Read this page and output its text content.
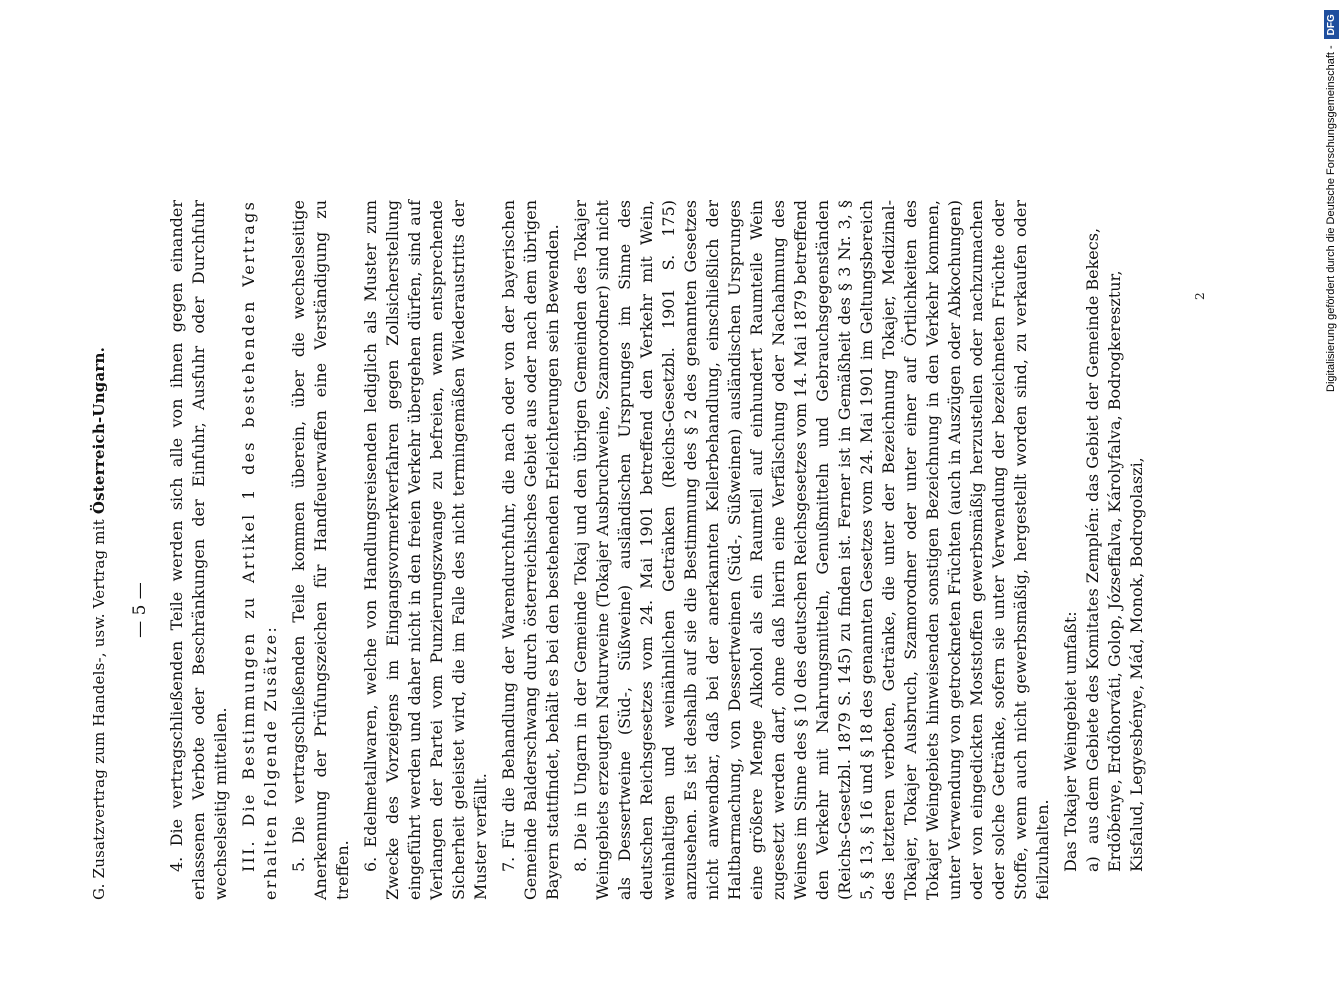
G. Zusatzvertrag zum Handels-, usw. Vertrag mit Österreich-Ungarn.
— 5 — 4. Die vertragschließenden Teile werden sich alle von ihnen gegen einander erlassenen Verbote oder Beschränkungen der Einfuhr, Ausfuhr oder Durchfuhr wechselseitig mitteilen. III. Die Bestimmungen zu Artikel 1 des bestehenden Vertrags erhalten folgende Zusätze: 5. Die vertragschließenden Teile kommen überein, über die wechselseitige Anerkennung der Prüfungszeichen für Handfeuerwaffen eine Verständigung zu treffen. 6. Edelmetallwaren, welche von Handlungsreisenden lediglich als Muster zum Zwecke des Vorzeigens im Eingangsvormerkverfahren gegen Zollsicherstellung eingeführt werden und daher nicht in den freien Verkehr übergehen dürfen, sind auf Verlangen der Partei vom Punzierungszwange zu befreien, wenn entsprechende Sicherheit geleistet wird, die im Falle des nicht termingemäßen Wiederaustritts der Muster verfällt. 7. Für die Behandlung der Warendurchfuhr, die nach oder von der bayerischen Gemeinde Balderschwang durch österreichisches Gebiet aus oder nach dem übrigen Bayern stattfindet, behält es bei den bestehenden Erleichterungen sein Bewenden. 8. Die in Ungarn in der Gemeinde Tokaj und den übrigen Gemeinden des Tokajer Weingebiets erzeugten Naturweine (Tokajer Ausbruchweine, Szamorodner) sind nicht als Dessertweine (Süd-, Süßweine) ausländischen Ursprunges im Sinne des deutschen Reichsgesetzes vom 24. Mai 1901 betreffend den Verkehr mit Wein, weinhaltigen und weinähnlichen Getränken (Reichs-Gesetzbl. 1901 S. 175) anzusehen. Es ist deshalb auf sie die Bestimmung des § 2 des genannten Gesetzes nicht anwendbar, daß bei der anerkannten Kellerbehandlung, einschließlich der Haltbarmachung, von Dessertweinen (Süd-, Süßweinen) ausländischen Ursprunges eine größere Menge Alkohol als ein Raumteil auf einhundert Raumteile Wein zugesetzt werden darf, ohne daß hierin eine Verfälschung oder Nachahmung des Weines im Sinne des § 10 des deutschen Reichsgesetzes vom 14. Mai 1879 betreffend den Verkehr mit Nahrungsmitteln, Genußmitteln und Gebrauchsgegenständen (Reichs-Gesetzbl. 1879 S. 145) zu finden ist. Ferner ist in Gemäßheit des § 3 Nr. 3, § 5, § 13, § 16 und § 18 des genannten Gesetzes vom 24. Mai 1901 im Geltungsbereich des letzteren verboten, Getränke, die unter der Bezeichnung Tokajer, Medizinal-Tokajer, Tokajer Ausbruch, Szamorodner oder unter einer auf Örtlichkeiten des Tokajer Weingebiets hinweisenden sonstigen Bezeichnung in den Verkehr kommen, unter Verwendung von getrockneten Früchten (auch in Auszügen oder Abkochungen) oder von eingedickten Moststoffen gewerbsmäßig herzustellen oder nachzumachen oder solche Getränke, sofern sie unter Verwendung der bezeichneten Früchte oder Stoffe, wenn auch nicht gewerbsmäßig, hergestellt worden sind, zu verkaufen oder feilzuhalten. Das Tokajer Weingebiet umfaßt: a)aus dem Gebiete des Komitates Zemplén: das Gebiet der Gemeinde Bekecs, Erdőbénye, Erdőhorváti, Golop, Józseffalva, Károlyfalva, Bodrogkeresztur, Kisfalud, Legyesbénye, Mád, Monok, Bodrogolaszi,

2	Digitalisierung gefördert durch die Deutsche Forschungsgemeinschaft -
DFG
